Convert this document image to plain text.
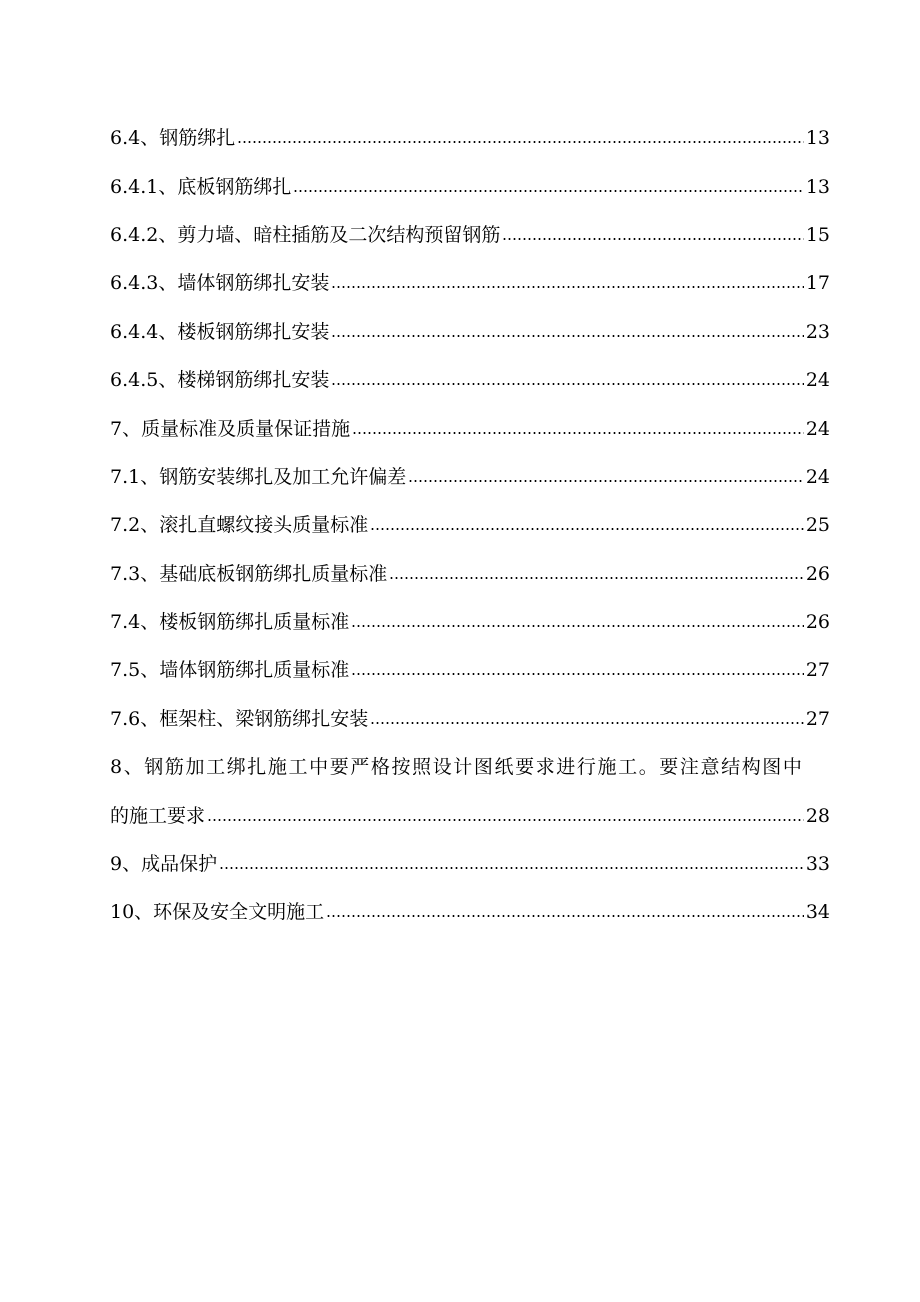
6.4、钢筋绑扎	13
6.4.1、底板钢筋绑扎	13
6.4.2、剪力墙、暗柱插筋及二次结构预留钢筋	15
6.4.3、墙体钢筋绑扎安装	17
6.4.4、楼板钢筋绑扎安装	23
6.4.5、楼梯钢筋绑扎安装	24
7、质量标准及质量保证措施	24
7.1、钢筋安装绑扎及加工允许偏差	24
7.2、滚扎直螺纹接头质量标准	25
7.3、基础底板钢筋绑扎质量标准	26
7.4、楼板钢筋绑扎质量标准	26
7.5、墙体钢筋绑扎质量标准	27
7.6、框架柱、梁钢筋绑扎安装	27
8、钢筋加工绑扎施工中要严格按照设计图纸要求进行施工。要注意结构图中
的施工要求	28
9、成品保护	33
10、环保及安全文明施工	34
